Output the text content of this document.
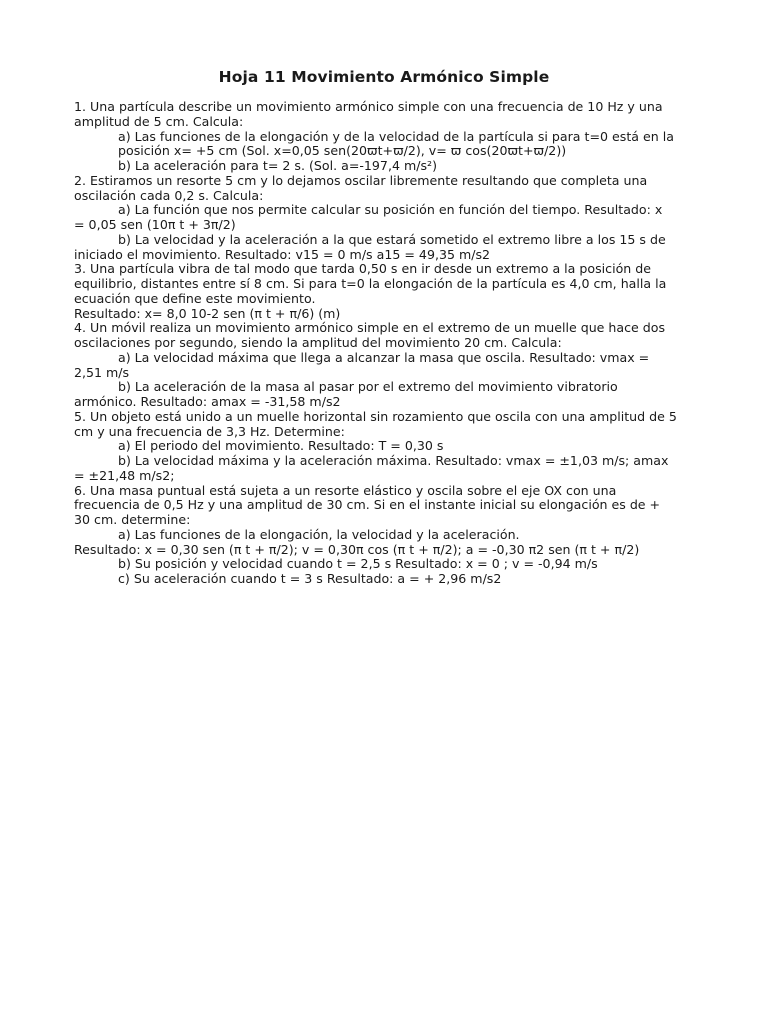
Hoja 11 Movimiento Armónico Simple
1. Una partícula describe un movimiento armónico simple con una frecuencia de 10 Hz y una
amplitud de 5 cm. Calcula:
a) Las funciones de la elongación y de la velocidad de la partícula si para t=0 está en la
posición x= +5 cm (Sol. x=0,05 sen(20ϖt+ϖ/2), v= ϖ cos(20ϖt+ϖ/2))
b) La aceleración para t= 2 s. (Sol. a=-197,4 m/s²)
2. Estiramos un resorte 5 cm y lo dejamos oscilar libremente resultando que completa una
oscilación cada 0,2 s. Calcula:
a) La función que nos permite calcular su posición en función del tiempo. Resultado: x
= 0,05 sen (10π t + 3π/2)
b) La velocidad y la aceleración a la que estará sometido el extremo libre a los 15 s de
iniciado el movimiento. Resultado: v15 = 0 m/s a15 = 49,35 m/s2
3. Una partícula vibra de tal modo que tarda 0,50 s en ir desde un extremo a la posición de
equilibrio, distantes entre sí 8 cm. Si para t=0 la elongación de la partícula es 4,0 cm, halla la
ecuación que define este movimiento.
Resultado: x= 8,0 10-2 sen (π t + π/6) (m)
4. Un móvil realiza un movimiento armónico simple en el extremo de un muelle que hace dos
oscilaciones por segundo, siendo la amplitud del movimiento 20 cm. Calcula:
a) La velocidad máxima que llega a alcanzar la masa que oscila. Resultado: vmax =
2,51 m/s
b) La aceleración de la masa al pasar por el extremo del movimiento vibratorio
armónico. Resultado: amax = -31,58 m/s2
5. Un objeto está unido a un muelle horizontal sin rozamiento que oscila con una amplitud de 5
cm y una frecuencia de 3,3 Hz. Determine:
a) El periodo del movimiento. Resultado: T = 0,30 s
b) La velocidad máxima y la aceleración máxima. Resultado: vmax = ±1,03 m/s; amax
= ±21,48 m/s2;
6. Una masa puntual está sujeta a un resorte elástico y oscila sobre el eje OX con una
frecuencia de 0,5 Hz y una amplitud de 30 cm. Si en el instante inicial su elongación es de +
30 cm. determine:
a) Las funciones de la elongación, la velocidad y la aceleración.
Resultado: x = 0,30 sen (π t + π/2); v = 0,30π cos (π t + π/2); a = -0,30 π2 sen (π t + π/2)
b) Su posición y velocidad cuando t = 2,5 s Resultado: x = 0 ; v = -0,94 m/s
c) Su aceleración cuando t = 3 s Resultado: a = + 2,96 m/s2
